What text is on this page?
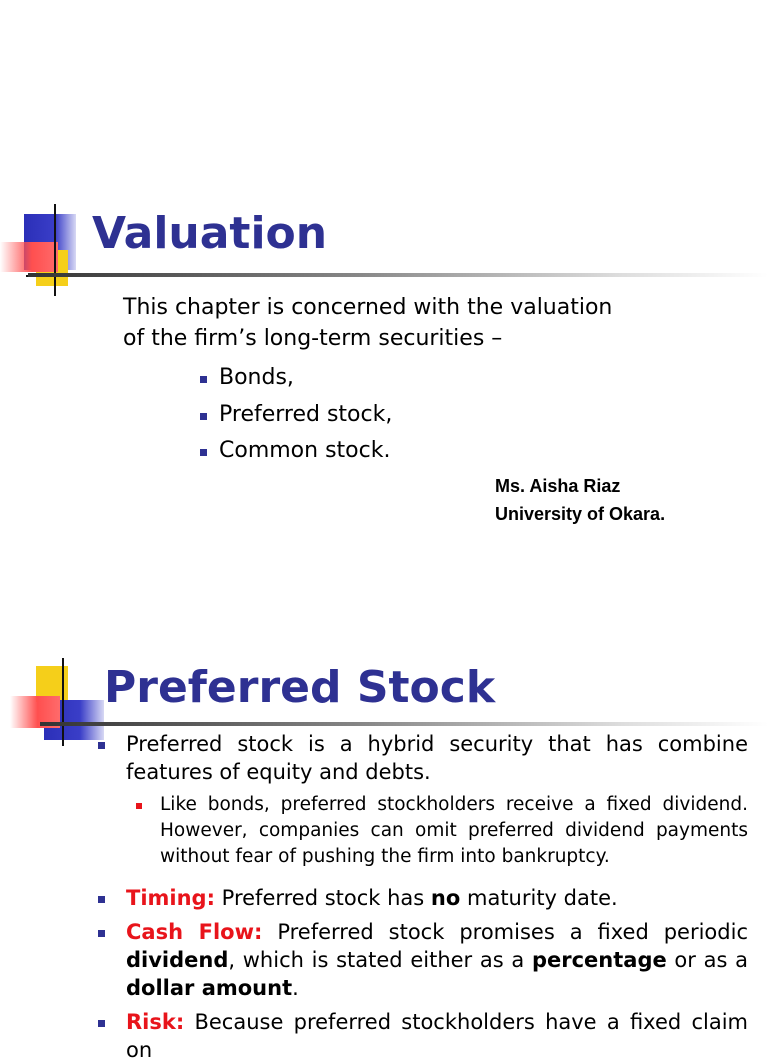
Valuation
This chapter is concerned with the valuation
of the firm’s long-term securities –
Bonds,
Preferred stock,
Common stock.
Ms. Aisha Riaz
University of Okara.
Preferred Stock
Preferred stock is a hybrid security that has combine features of equity and debts.
Like bonds, preferred stockholders receive a fixed dividend. However, companies can omit preferred dividend payments without fear of pushing the firm into bankruptcy.
Timing: Preferred stock has no maturity date.
Cash Flow: Preferred stock promises a fixed periodic dividend, which is stated either as a percentage or as a dollar amount.
Risk: Because preferred stockholders have a fixed claim on
